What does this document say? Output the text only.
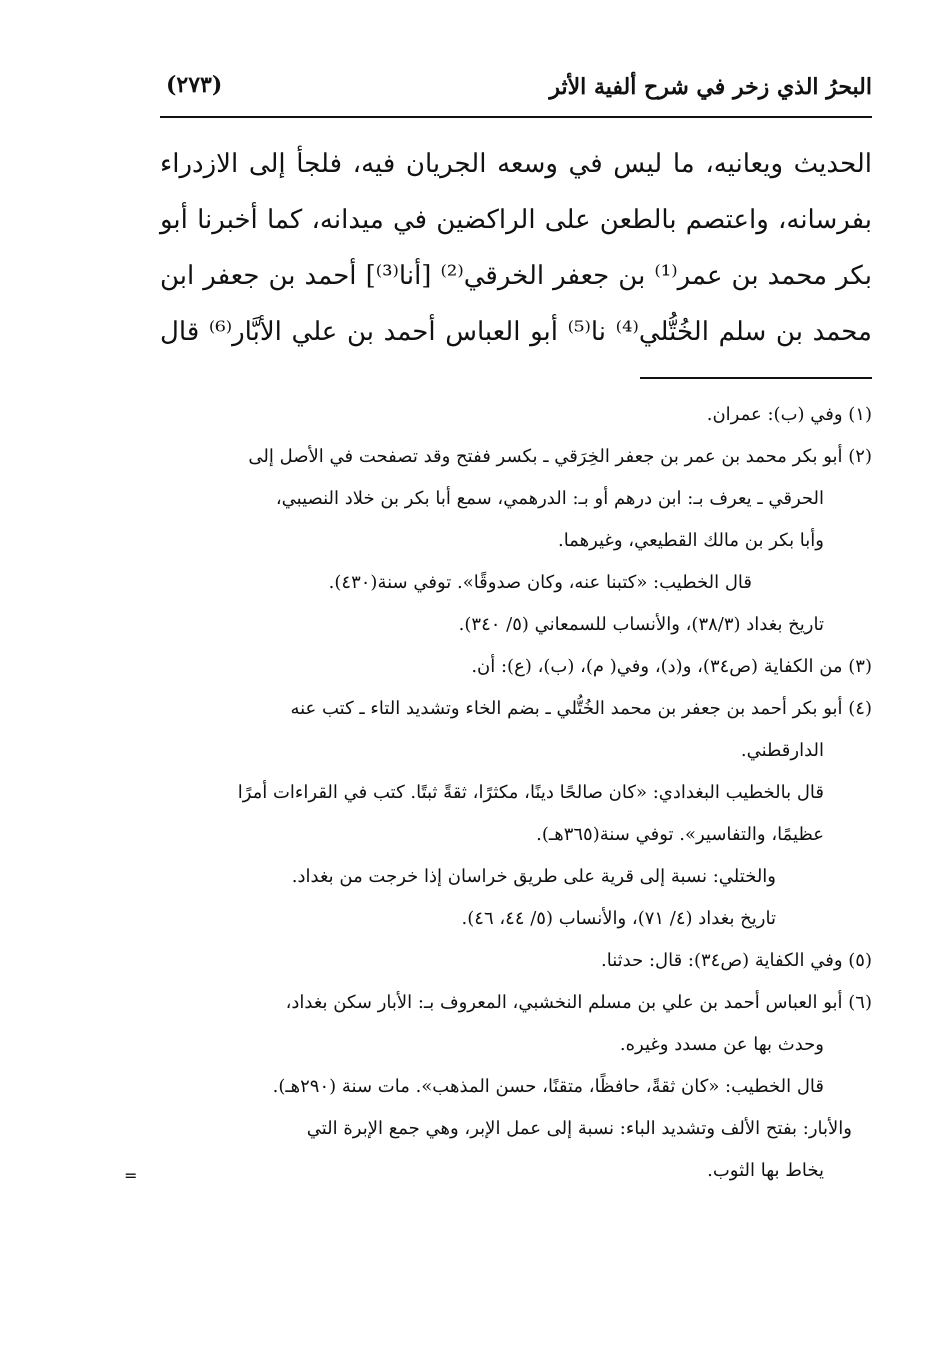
البحرُ الذي زخر في شرح ألفية الأثر
(٢٧٣)
الحديث ويعانيه، ما ليس في وسعه الجريان فيه، فلجأ إلى الازدراء
بفرسانه، واعتصم بالطعن على الراكضين في ميدانه، كما أخبرنا أبو
بكر محمد بن عمر⁽¹⁾ بن جعفر الخرقي⁽²⁾ [أنا⁽³⁾] أحمد بن جعفر ابن
محمد بن سلم الخُتُّلي⁽⁴⁾ نا⁽⁵⁾ أبو العباس أحمد بن علي الأبَّار⁽⁶⁾ قال
(١) وفي (ب): عمران.
(٢) أبو بكر محمد بن عمر بن جعفر الخِرَقي ـ بكسر ففتح وقد تصفحت في الأصل إلى
الحرقي ـ يعرف بـ: ابن درهم أو بـ: الدرهمي، سمع أبا بكر بن خلاد النصيبي،
وأبا بكر بن مالك القطيعي، وغيرهما.
قال الخطيب: «كتبنا عنه، وكان صدوقًا». توفي سنة(٤٣٠).
تاريخ بغداد (٣٨/٣)، والأنساب للسمعاني (٥/ ٣٤٠).
(٣) من الكفاية (ص٣٤)، و(د)، وفي( م)، (ب)، (ع): أن.
(٤) أبو بكر أحمد بن جعفر بن محمد الخُتُّلي ـ بضم الخاء وتشديد التاء ـ كتب عنه
الدارقطني.
قال بالخطيب البغدادي: «كان صالحًا دينًا، مكثرًا، ثقةً ثبتًا. كتب في القراءات أمرًا
عظيمًا، والتفاسير». توفي سنة(٣٦٥هـ).
والختلي: نسبة إلى قرية على طريق خراسان إذا خرجت من بغداد.
تاريخ بغداد (٤/ ٧١)، والأنساب (٥/ ٤٤، ٤٦).
(٥) وفي الكفاية (ص٣٤): قال: حدثنا.
(٦) أبو العباس أحمد بن علي بن مسلم النخشبي، المعروف بـ: الأبار سكن بغداد،
وحدث بها عن مسدد وغيره.
قال الخطيب: «كان ثقةً، حافظًا، متقنًا، حسن المذهب». مات سنة (٢٩٠هـ).
والأبار: بفتح الألف وتشديد الباء: نسبة إلى عمل الإبر، وهي جمع الإبرة التي
يخاط بها الثوب.
=
